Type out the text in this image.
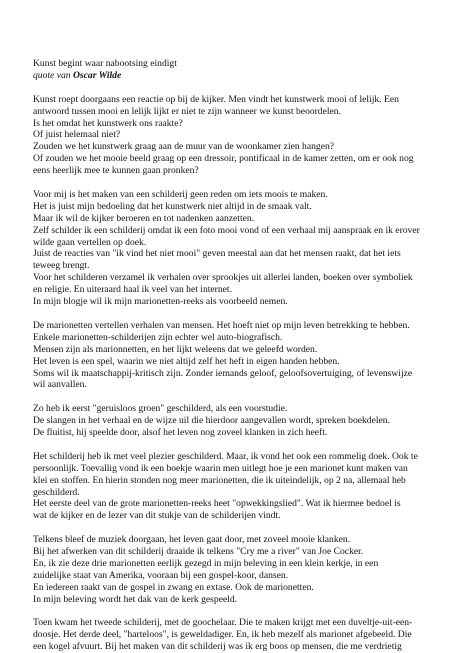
Kunst begint waar nabootsing eindigt
quote van Oscar Wilde
Kunst roept doorgaans een reactie op bij de kijker. Men vindt het kunstwerk mooi of lelijk. Een
antwoord tussen mooi en lelijk lijkt er niet te zijn wanneer we kunst beoordelen.
Is het omdat het kunstwerk ons raakte?
Of juist helemaal niet?
Zouden we het kunstwerk graag aan de muur van de woonkamer zien hangen?
Of zouden we het mooie beeld graag op een dressoir, pontificaal in de kamer zetten, om er ook nog
eens heerlijk mee te kunnen gaan pronken?
Voor mij is het maken van een schilderij geen reden om iets moois te maken.
Het is juist mijn bedoeling dat het kunstwerk niet altijd in de smaak valt.
Maar ik wil de kijker beroeren en tot nadenken aanzetten.
Zelf schilder ik een schilderij omdat ik een foto mooi vond of een verhaal mij aanspraak en ik erover
wilde gaan vertellen op doek.
Juist de reacties van "ik vind het niet mooi" geven meestal aan dat het mensen raakt, dat het iets
teweeg brengt.
Voor het schilderen verzamel ik verhalen over sprookjes uit allerlei landen, boeken over symboliek
en religie. En uiteraard haal ik veel van het internet.
In mijn blogje wil ik mijn marionetten-reeks als voorbeeld nemen.
De marionetten vertellen verhalen van mensen. Het hoeft niet op mijn leven betrekking te hebben.
Enkele marionetten-schilderijen zijn echter wel auto-biografisch.
Mensen zijn als marionnetten, en het lijkt weleens dat we geleefd worden.
Het leven is een spel, waarin we niet altijd zelf het heft in eigen handen hebben.
Soms wil ik maatschappij-kritisch zijn. Zonder iemands geloof, geloofsovertuiging, of levenswijze
wil aanvallen.
Zo heb ik eerst "geruisloos groen" geschilderd, als een voorstudie.
De slangen in het verhaal en de wijze uil die hierdoor aangevallen wordt, spreken boekdelen.
De fluitist, hij speelde door, alsof het leven nog zoveel klanken in zich heeft.
Het schilderij heb ik met veel plezier geschilderd. Maar, ik vond het ook een rommelig doek. Ook te
persoonlijk. Toevallig vond ik een boekje waarin men uitlegt hoe je een marionet kunt maken van
klei en stoffen. En hierin stonden nog meer marionetten, die ik uiteindelijk, op 2 na, allemaal heb
geschilderd.
Het eerste deel van de grote marionetten-reeks heet "opwekkingslied". Wat ik hiermee bedoel is
wat de kijker en de lezer van dit stukje van de schilderijen vindt.
Telkens bleef de muziek doorgaan, het leven gaat door, met zoveel mooie klanken.
Bij het afwerken van dit schilderij draaide ik telkens "Cry me a river" van Joe Cocker.
En, ik zie deze drie marionetten eerlijk gezegd in mijn beleving in een klein kerkje, in een
zuidelijke staat van Amerika, vooraan bij een gospel-koor, dansen.
En iedereen raakt van de gospel in zwang en extase. Ook de marionetten.
In mijn beleving wordt het dak van de kerk gespeeld.
Toen kwam het tweede schilderij, met de goochelaar. Die te maken krijgt met een duveltje-uit-een-
doosje. Het derde deel, "harteloos", is geweldadiger. En, ik heb mezelf als marionet afgebeeld. Die
een kogel afvuurt. Bij het maken van dit schilderij was ik erg boos op mensen, die me verdrietig
